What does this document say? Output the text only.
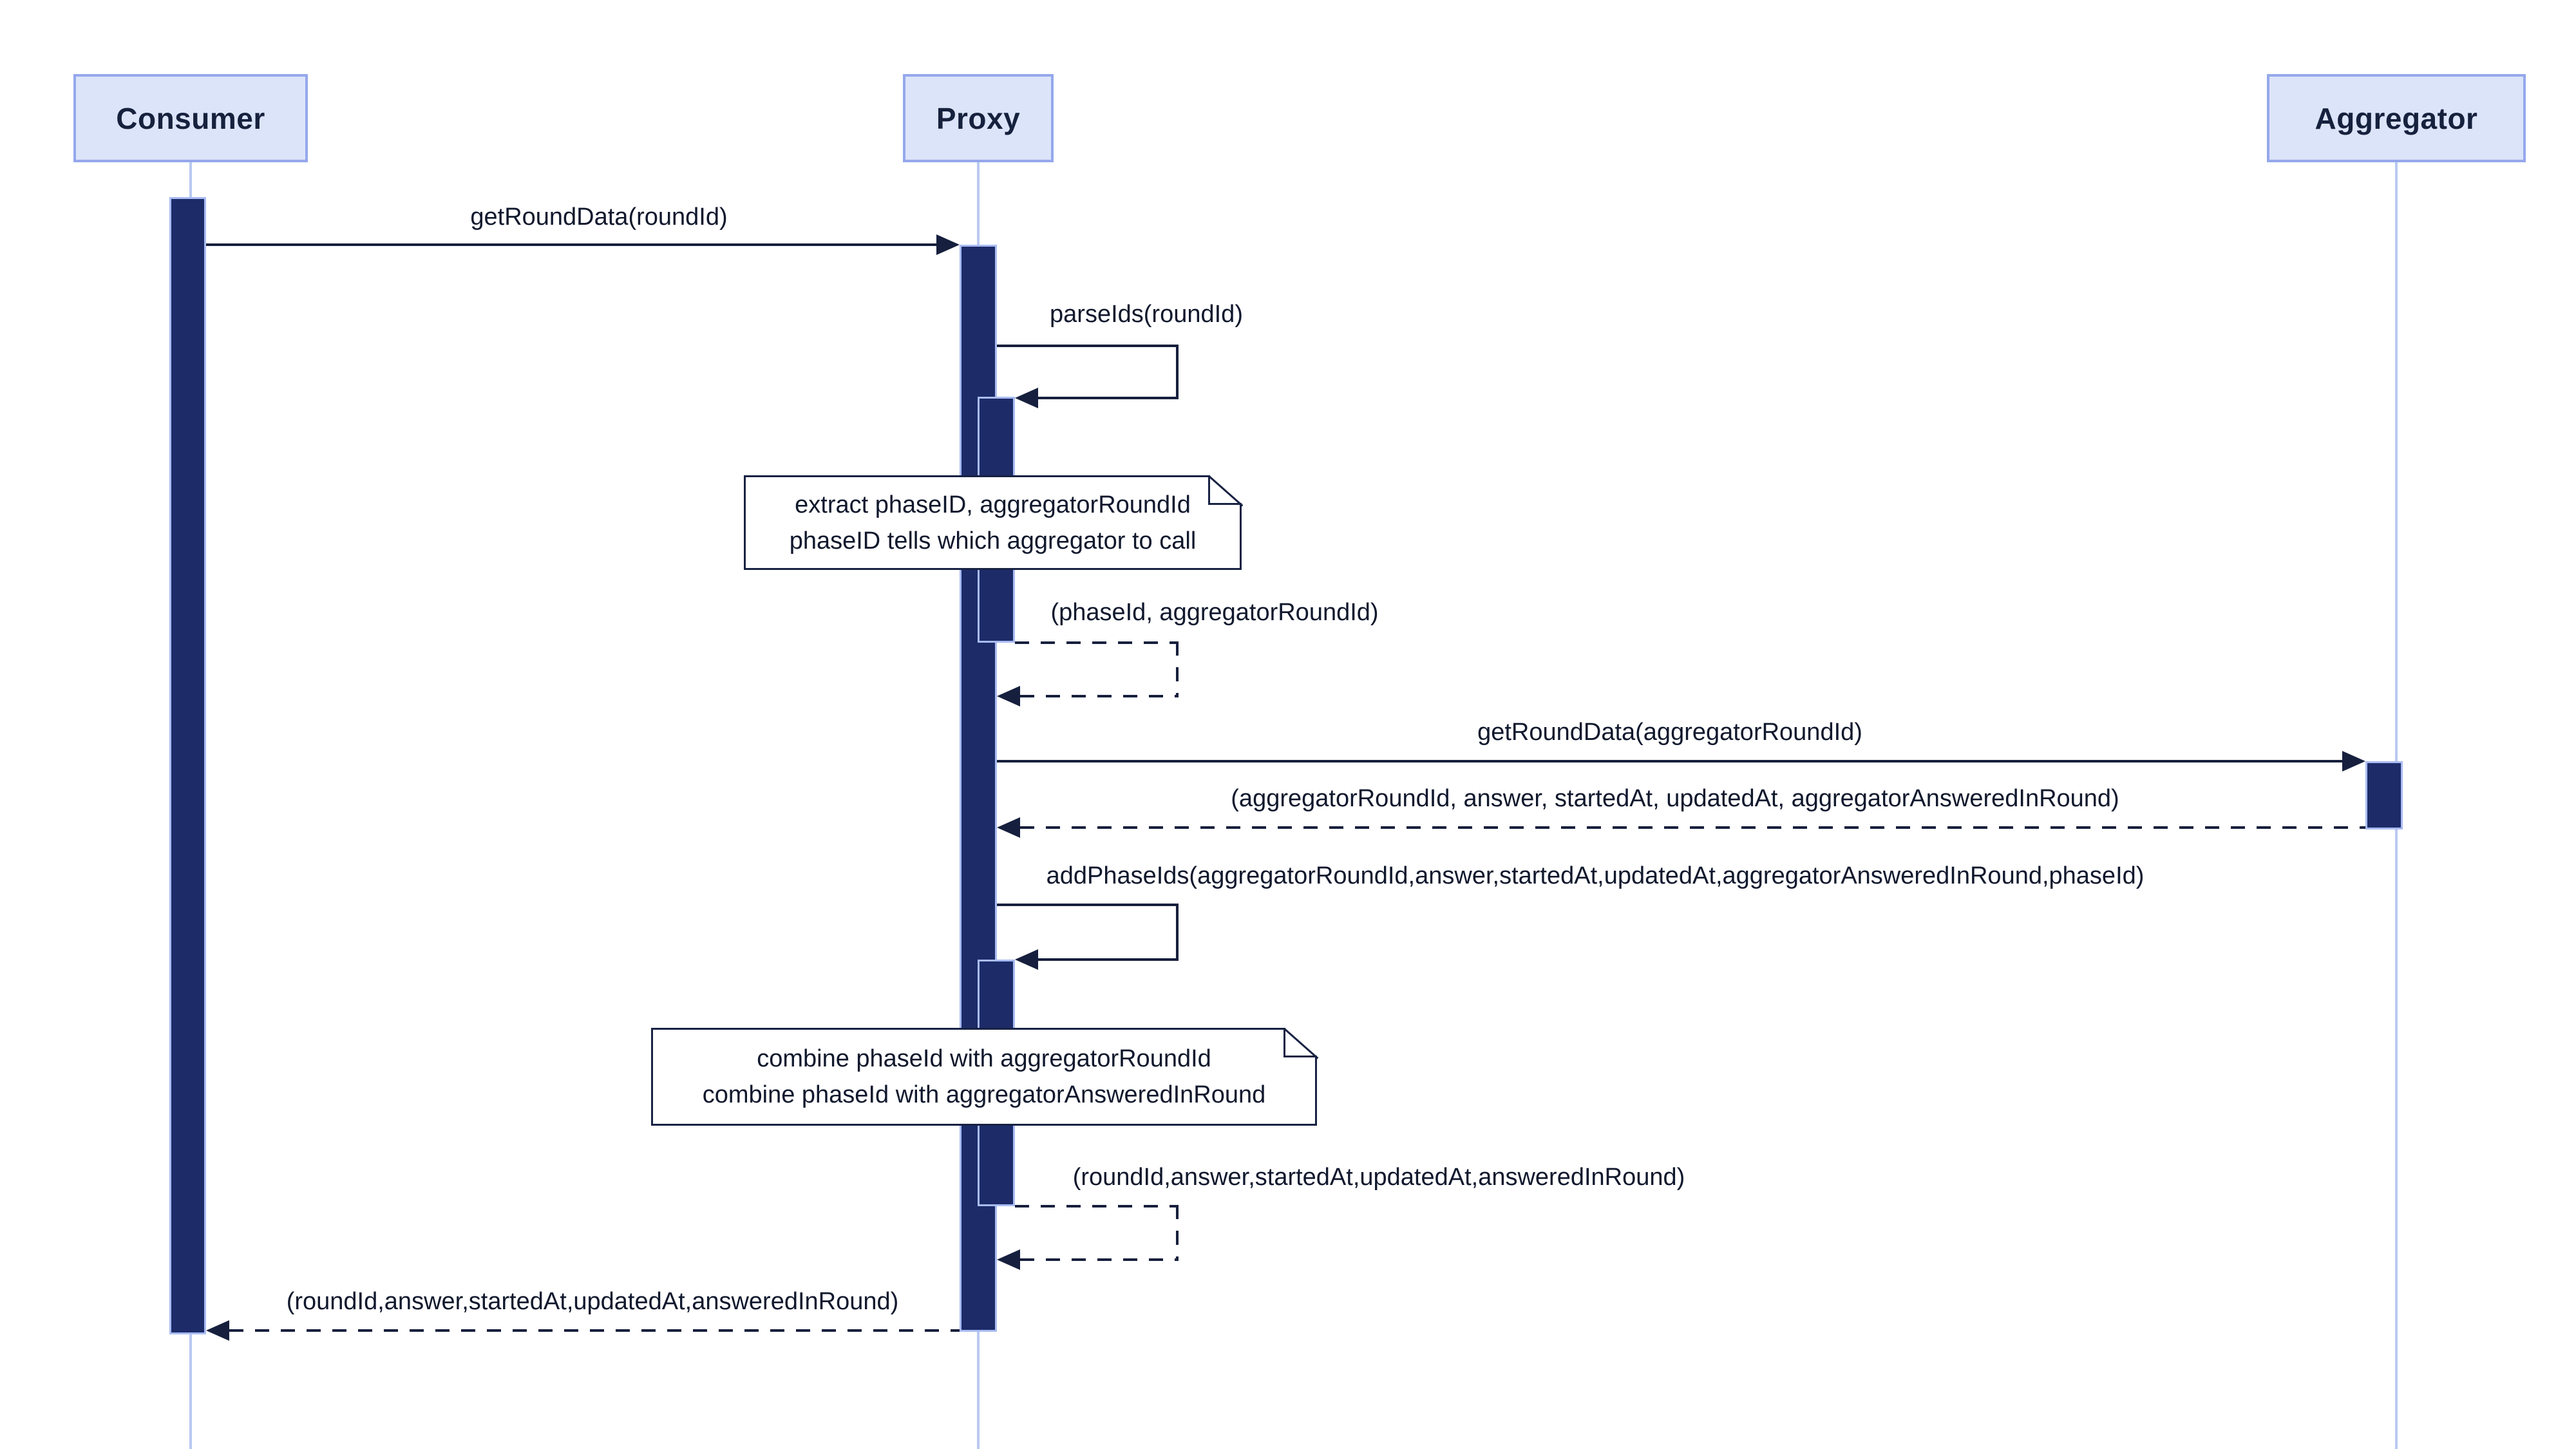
Consumer	Proxy	Aggregator
getRoundData(roundId)
parseIds(roundId)
extract phaseID, aggregatorRoundId
phaseID tells which aggregator to call
(phaseId, aggregatorRoundId)
getRoundData(aggregatorRoundId)
(aggregatorRoundId, answer, startedAt, updatedAt, aggregatorAnsweredInRound)
addPhaseIds(aggregatorRoundId,answer,startedAt,updatedAt,aggregatorAnsweredInRound,phaseId)
combine phaseId with aggregatorRoundId
combine phaseId with aggregatorAnsweredInRound
(roundId,answer,startedAt,updatedAt,answeredInRound)
(roundId,answer,startedAt,updatedAt,answeredInRound)
